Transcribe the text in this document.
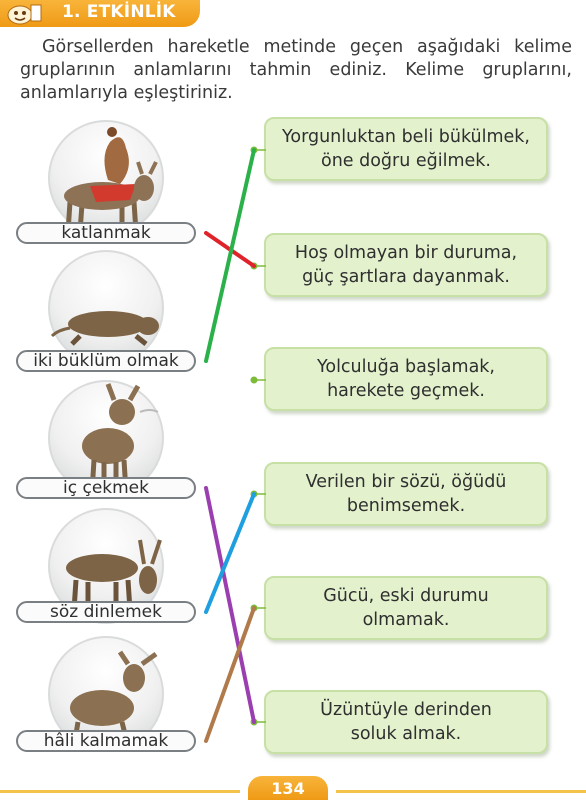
1. ETKİNLİK
Görsellerden hareketle metinde geçen aşağıdaki kelime gruplarının anlamlarını tahmin ediniz. Kelime gruplarını, anlamlarıyla eşleştiriniz.
katlanmak
iki büklüm olmak
iç çekmek
söz dinlemek
hâli kalmamak
Yorgunluktan beli bükülmek,
öne doğru eğilmek.
Hoş olmayan bir duruma,
güç şartlara dayanmak.
Yolculuğa başlamak,
harekete geçmek.
Verilen bir sözü, öğüdü
benimsemek.
Gücü, eski durumu
olmamak.
Üzüntüyle derinden
soluk almak.
134
